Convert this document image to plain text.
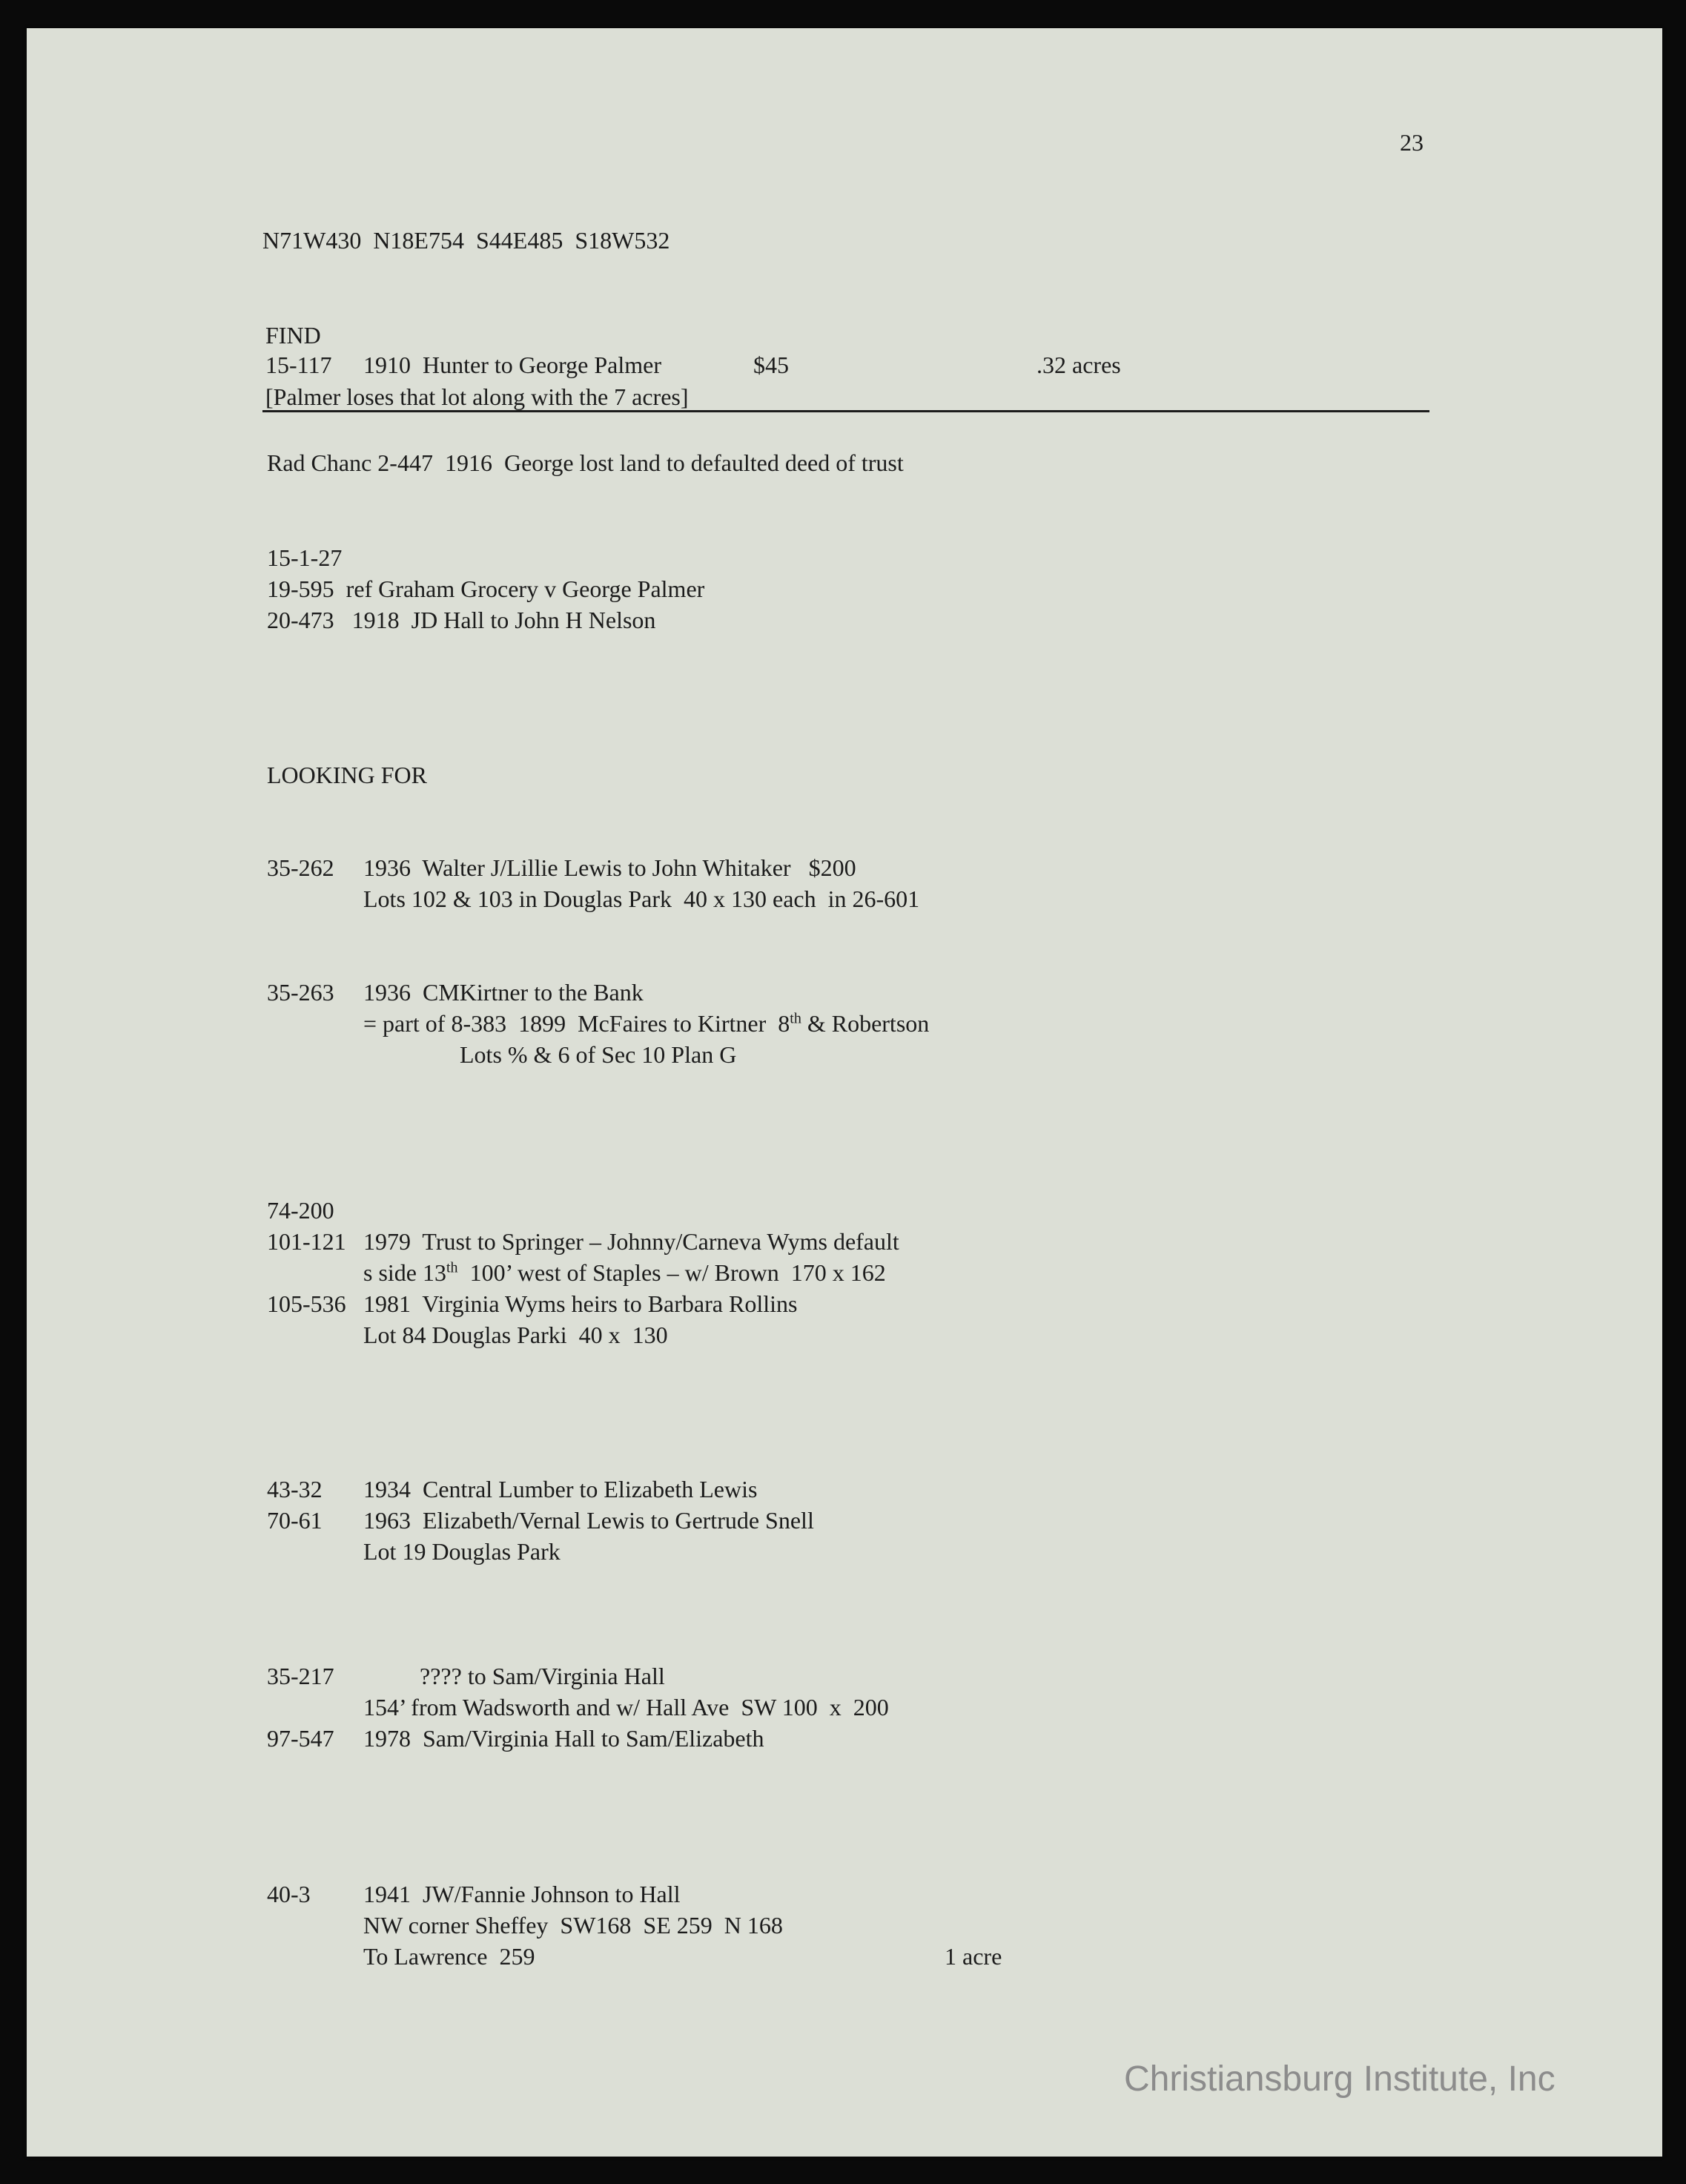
23
N71W430  N18E754  S44E485  S18W532
FIND
15-117 1910  Hunter to George Palmer	$45	.32 acres
[Palmer loses that lot along with the 7 acres]
Rad Chanc 2-447  1916  George lost land to defaulted deed of trust
15-1-27
19-595  ref Graham Grocery v George Palmer
20-473   1918  JD Hall to John H Nelson
LOOKING FOR
35-262 1936  Walter J/Lillie Lewis to John Whitaker   $200
Lots 102 & 103 in Douglas Park  40 x 130 each  in 26-601
35-263 1936  CMKirtner to the Bank
= part of 8-383  1899  McFaires to Kirtner  8th & Robertson
Lots % & 6 of Sec 10 Plan G
74-200
101-121 1979  Trust to Springer – Johnny/Carneva Wyms default
s side 13th  100’ west of Staples – w/ Brown  170 x 162
105-536 1981  Virginia Wyms heirs to Barbara Rollins
Lot 84 Douglas Parki  40 x  130
43-32 1934  Central Lumber to Elizabeth Lewis
70-61 1963  Elizabeth/Vernal Lewis to Gertrude Snell
Lot 19 Douglas Park
35-217	???? to Sam/Virginia Hall
154’ from Wadsworth and w/ Hall Ave  SW 100  x  200
97-547 1978  Sam/Virginia Hall to Sam/Elizabeth
40-3 1941  JW/Fannie Johnson to Hall
NW corner Sheffey  SW168  SE 259  N 168
To Lawrence  259	1 acre
Christiansburg Institute, Inc
